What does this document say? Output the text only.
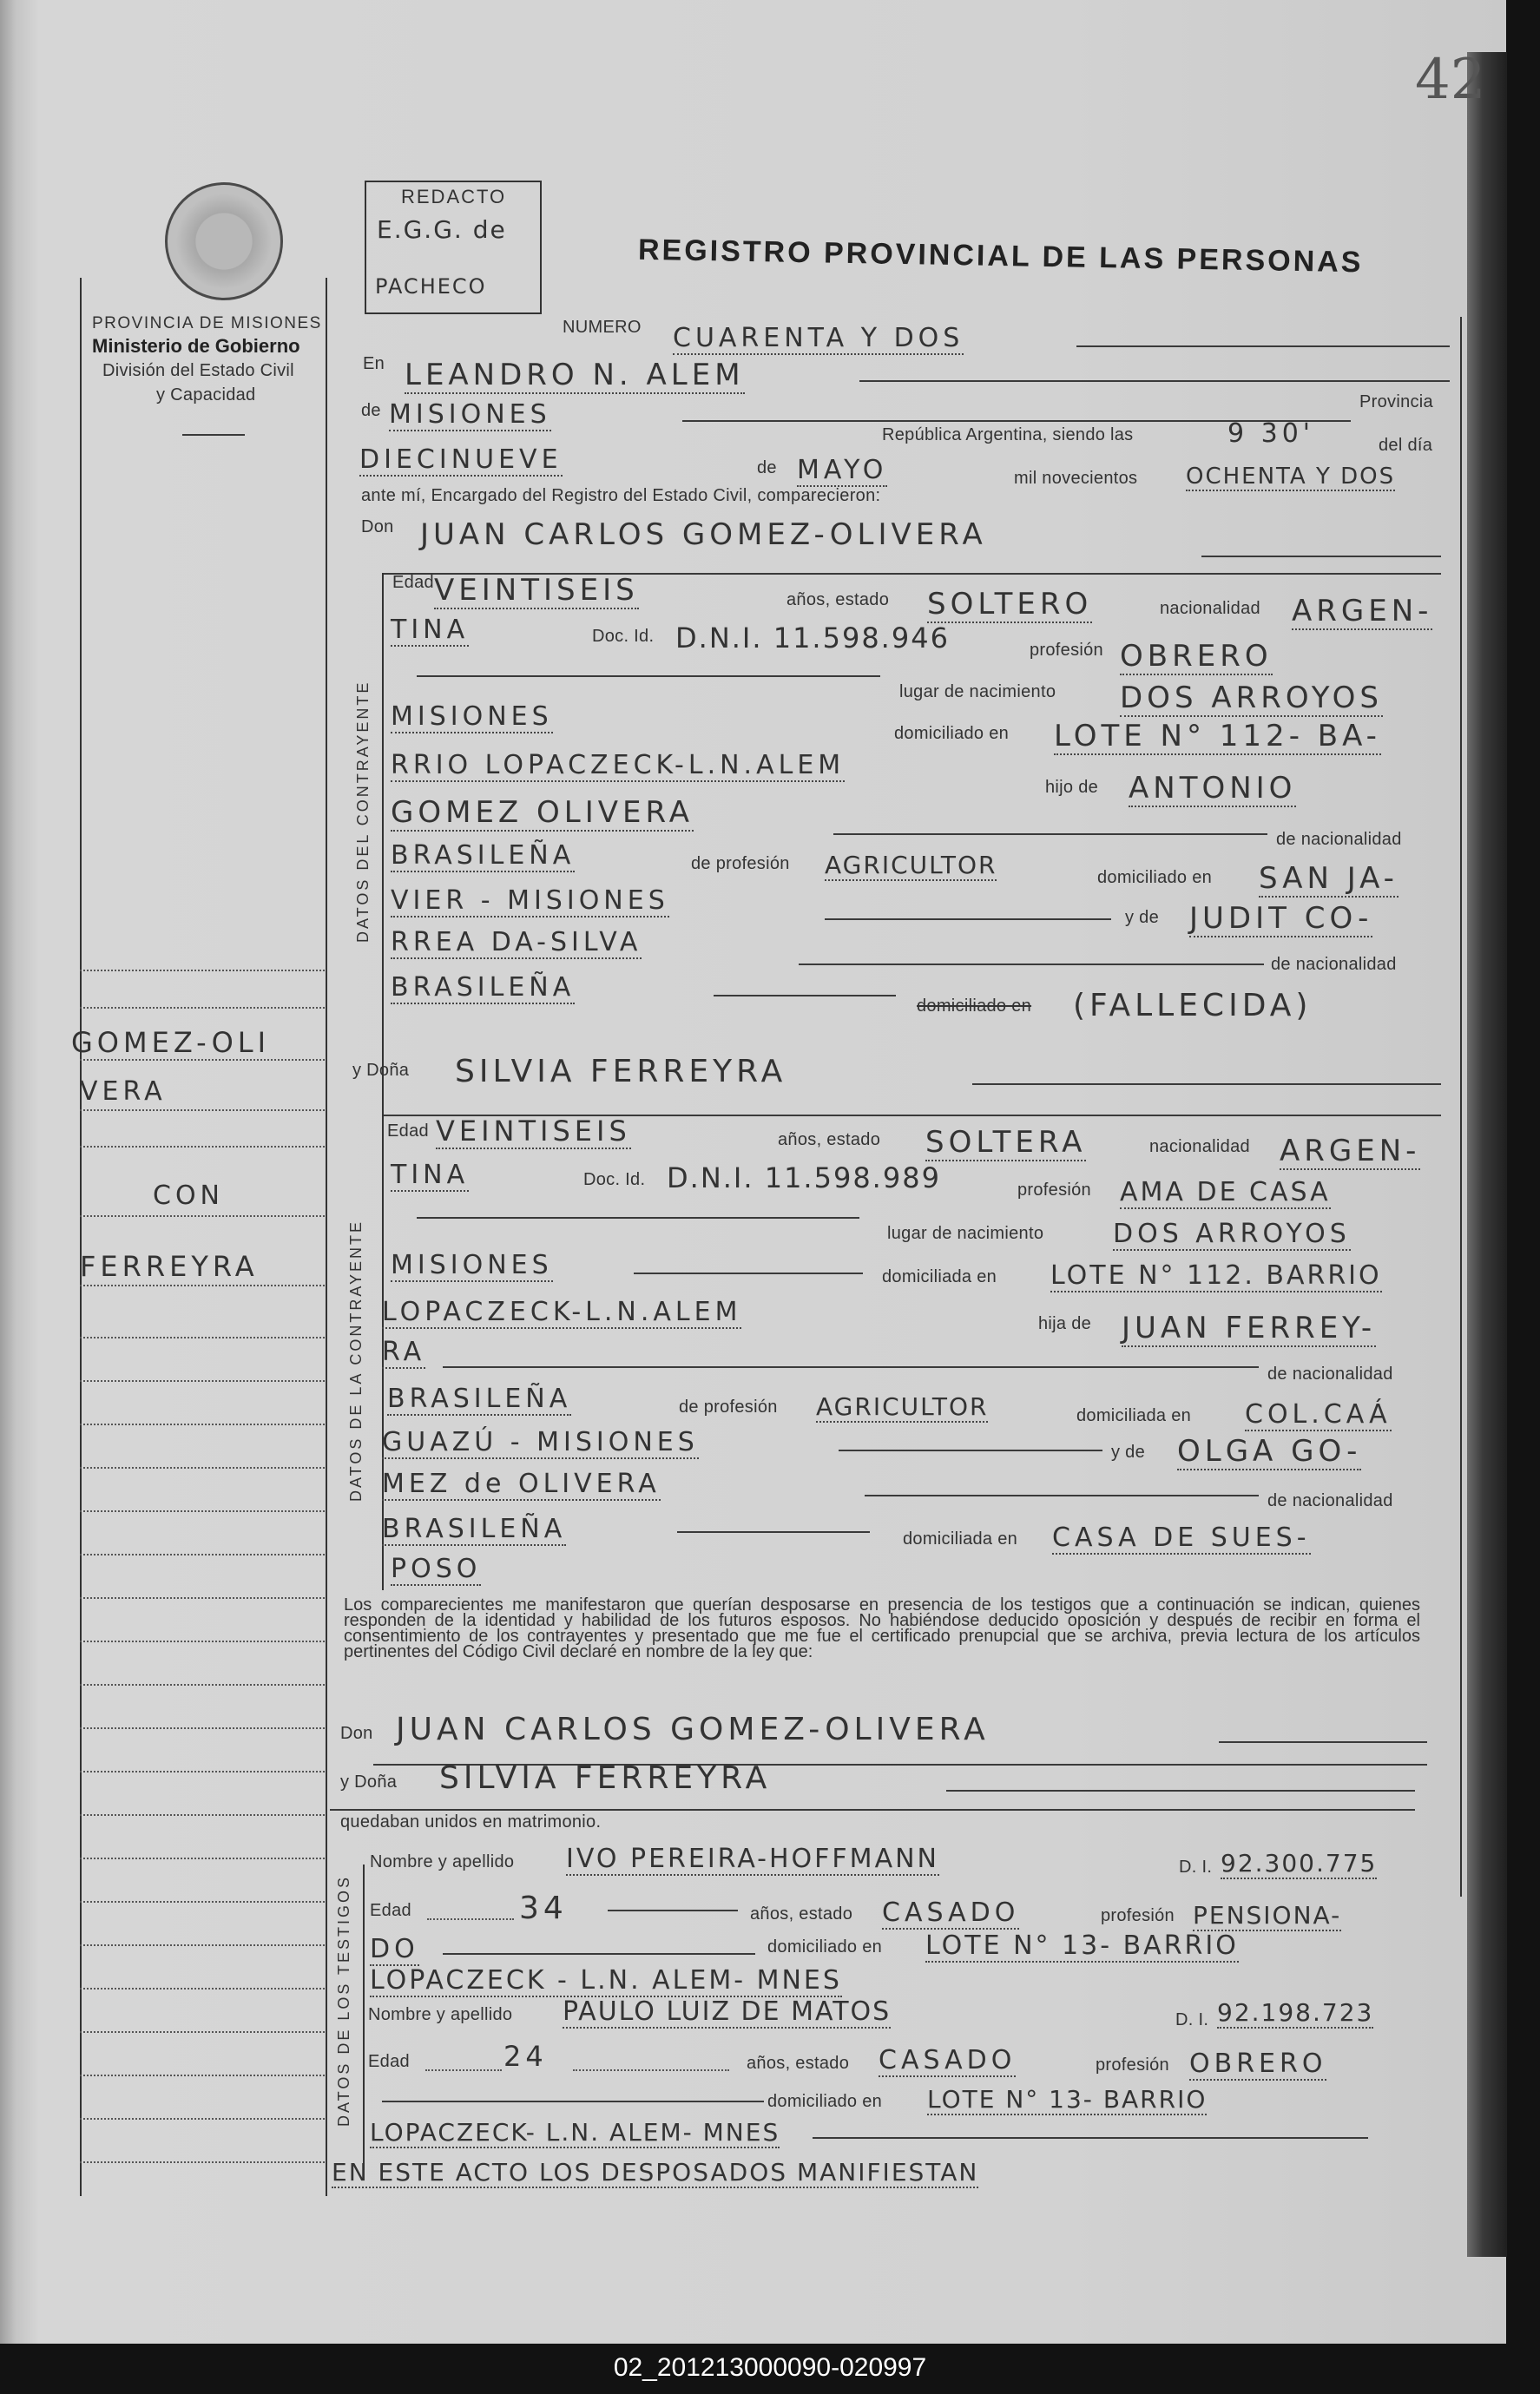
42
PROVINCIA DE MISIONES
Ministerio de Gobierno
División del Estado Civil
y Capacidad
REDACTO
E.G.G. de
PACHECO
REGISTRO PROVINCIAL DE LAS PERSONAS
GOMEZ-OLI
VERA
CON
FERREYRA
NUMERO CUARENTA Y DOS
En LEANDRO N. ALEM
de MISIONES	Provincia
República Argentina, siendo las	9 30'	del día
DIECINUEVE	de MAYO	mil novecientos OCHENTA Y DOS
ante mí, Encargado del Registro del Estado Civil, comparecieron:
Don JUAN CARLOS GOMEZ-OLIVERA
DATOS DEL CONTRAYENTE
Edad VEINTISEIS	años, estado SOLTERO	nacionalidad ARGEN-
TINA	Doc. Id. D.N.I. 11.598.946	profesión OBRERO
lugar de nacimiento DOS ARROYOS
MISIONES
domiciliado en LOTE N° 112- BA-
RRIO LOPACZECK-L.N.ALEM
hijo de ANTONIO
GOMEZ OLIVERA
de nacionalidad
BRASILEÑA	de profesión AGRICULTOR	domiciliado en SAN JA-
VIER - MISIONES
y de JUDIT CO-
RREA DA-SILVA
de nacionalidad
BRASILEÑA
domiciliado en (FALLECIDA)
y Doña SILVIA FERREYRA
DATOS DE LA CONTRAYENTE
Edad VEINTISEIS	años, estado SOLTERA	nacionalidad ARGEN-
TINA	Doc. Id. D.N.I. 11.598.989	profesión AMA DE CASA
lugar de nacimiento	DOS ARROYOS
MISIONES	domiciliada en LOTE N° 112. BARRIO
LOPACZECK-L.N.ALEM	hija de JUAN FERREY-
RA
de nacionalidad
BRASILEÑA	de profesión AGRICULTOR	domiciliada en COL.CAÁ
GUAZÚ - MISIONES	y de OLGA GO-
MEZ de OLIVERA
de nacionalidad
BRASILEÑA	domiciliada en CASA DE SUES-
POSO
Los comparecientes me manifestaron que querían desposarse en presencia de los testigos que a continuación se indican, quienes responden de la identidad y habilidad de los futuros esposos. No habiéndose deducido oposición y después de recibir en forma el consentimiento de los contrayentes y presentado que me fue el certificado prenupcial que se archiva, previa lectura de los artículos pertinentes del Código Civil declaré en nombre de la ley que:
Don JUAN CARLOS GOMEZ-OLIVERA
y Doña SILVIA FERREYRA
quedaban unidos en matrimonio.
DATOS DE LOS TESTIGOS
Nombre y apellido IVO PEREIRA-HOFFMANN	D. I. 92.300.775
Edad	34	años, estado CASADO	profesión PENSIONA-
DO	domiciliado en LOTE N° 13- BARRIO
LOPACZECK - L.N. ALEM- MNES
Nombre y apellido PAULO LUIZ DE MATOS	D. I. 92.198.723
Edad	24	años, estado CASADO	profesión OBRERO
domiciliado en LOTE N° 13- BARRIO
LOPACZECK- L.N. ALEM- MNES
EN ESTE ACTO LOS DESPOSADOS MANIFIESTAN
02_201213000090-020997
